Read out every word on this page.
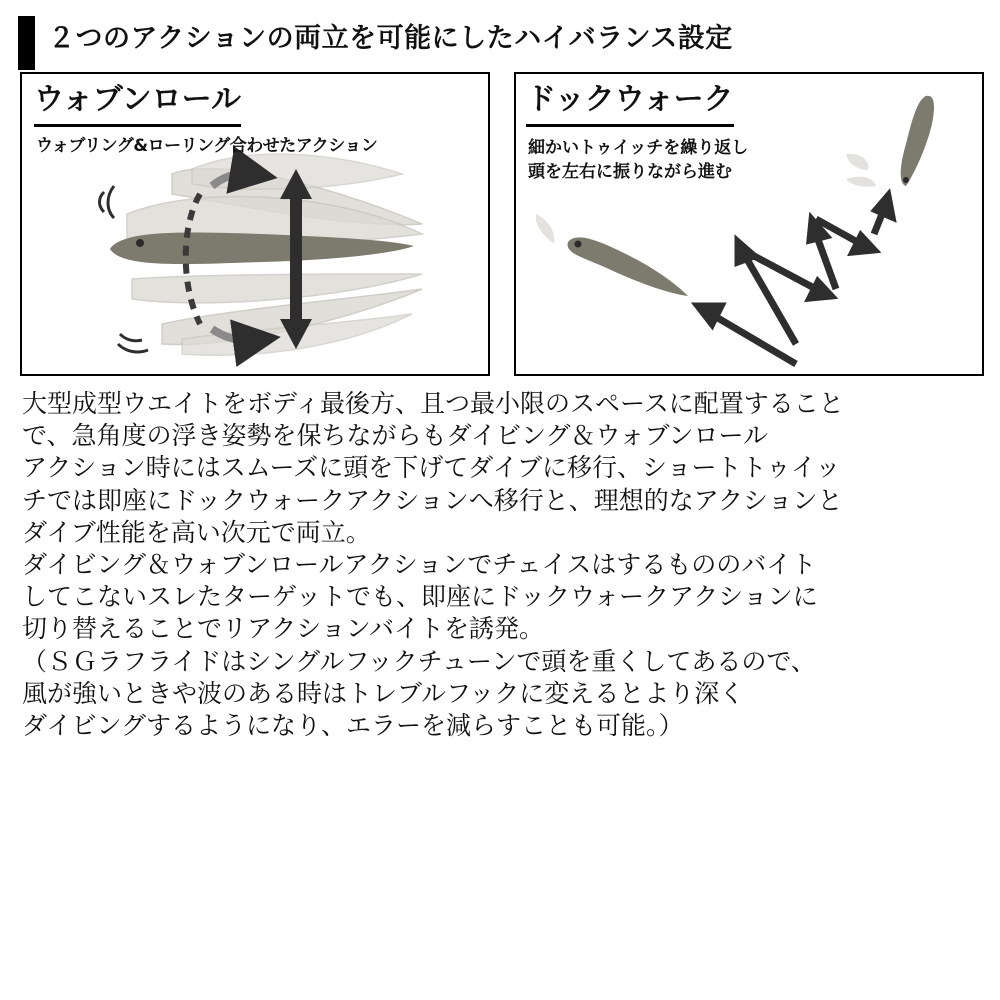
２つのアクションの両立を可能にしたハイバランス設定
ウォブンロール
ウォブリング&ローリング合わせたアクション
ドックウォーク
細かいトゥイッチを繰り返し
頭を左右に振りながら進む
大型成型ウエイトをボディ最後方、且つ最小限のスペースに配置すること
で、急角度の浮き姿勢を保ちながらもダイビング＆ウォブンロール
アクション時にはスムーズに頭を下げてダイブに移行、ショートトゥイッ
チでは即座にドックウォークアクションへ移行と、理想的なアクションと
ダイブ性能を高い次元で両立。
ダイビング＆ウォブンロールアクションでチェイスはするもののバイト
してこないスレたターゲットでも、即座にドックウォークアクションに
切り替えることでリアクションバイトを誘発。
（ＳＧラフライドはシングルフックチューンで頭を重くしてあるので、
風が強いときや波のある時はトレブルフックに変えるとより深く
ダイビングするようになり、エラーを減らすことも可能。）
